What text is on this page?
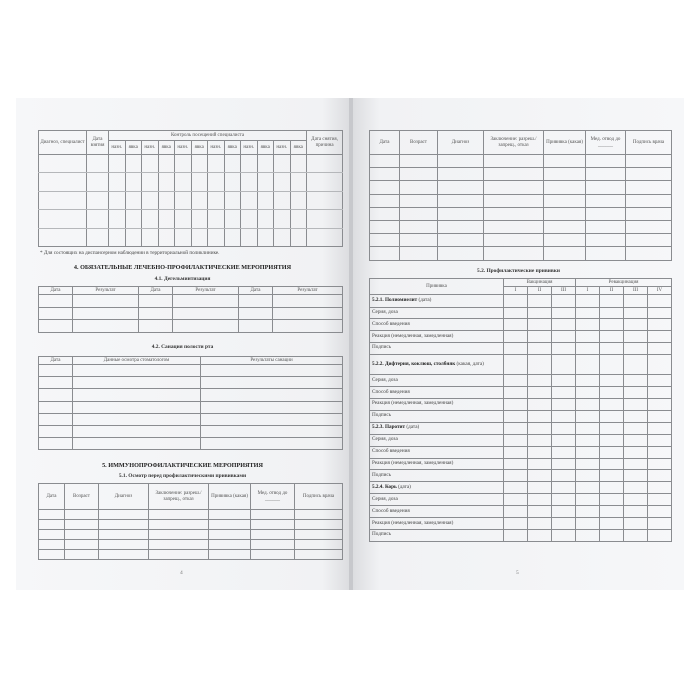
Диагноз, специалист	Дата взятия	Контроль посещений специалиста												Дата снятия, причина
		назн.	явка	назн.	явка	назн.	явка	назн.	явка	назн.	явка	назн.	явка	

* Для состоящих на диспансерном наблюдении в территориальной поликлинике.
4. ОБЯЗАТЕЛЬНЫЕ ЛЕЧЕБНО-ПРОФИЛАКТИЧЕСКИЕ МЕРОПРИЯТИЯ
4.1. Дегельминтизация
Дата	Результат	Дата	Результат	Дата	Результат

4.2. Санация полости рта
Дата	Данные осмотра стоматологом	Результаты санации

5. ИММУНОПРОФИЛАКТИЧЕСКИЕ МЕРОПРИЯТИЯ
5.1. Осмотр перед профилактическими прививками
Дата	Возраст	Диагноз	Заключение: разреш./запрещ., отказ	Прививка (какая)	Мед. отвод до ______	Подпись врача

4
Дата	Возраст	Диагноз	Заключение: разреш./запрещ., отказ	Прививка (какая)	Мед. отвод до ______	Подпись врача

5.2. Профилактические прививки
Прививка	Вакцинация			Ревакцинация			
	I	II	III	I	II	III	IV
5.2.1. Полиомиелит (дата)							
Серия, доза							
Способ введения							
Реакция (немедленная, замедленная)							
Подпись							
5.2.2. Дифтерия, коклюш, столбняк (какая, дата)							
Серия, доза							
Способ введения							
Реакция (немедленная, замедленная)							
Подпись							
5.2.3. Паротит (дата)							
Серия, доза							
Способ введения							
Реакция (немедленная, замедленная)							
Подпись							
5.2.4. Корь (дата)							
Серия, доза							
Способ введения							
Реакция (немедленная, замедленная)							
Подпись							
5
